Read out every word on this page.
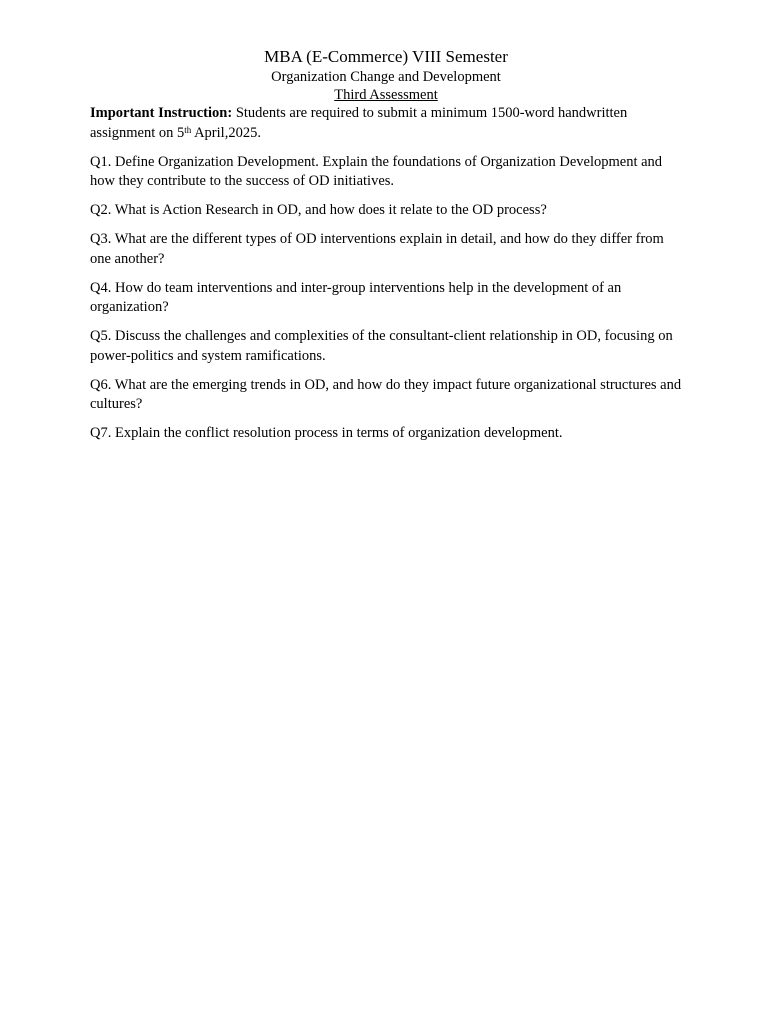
MBA (E-Commerce) VIII Semester

Organization Change and Development

Third Assessment

Important Instruction: Students are required to submit a minimum 1500-word handwritten assignment on 5th April,2025.

Q1. Define Organization Development. Explain the foundations of Organization Development and how they contribute to the success of OD initiatives.

Q2. What is Action Research in OD, and how does it relate to the OD process?

Q3. What are the different types of OD interventions explain in detail, and how do they differ from one another?

Q4. How do team interventions and inter-group interventions help in the development of an organization?

Q5. Discuss the challenges and complexities of the consultant-client relationship in OD, focusing on power-politics and system ramifications.

Q6. What are the emerging trends in OD, and how do they impact future organizational structures and cultures?

Q7. Explain the conflict resolution process in terms of organization development.
